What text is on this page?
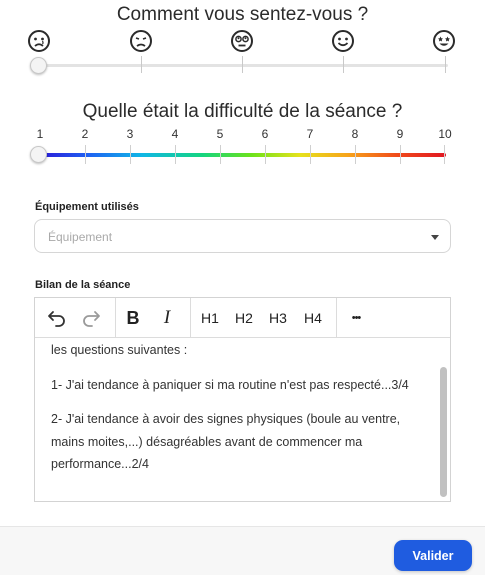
Comment vous sentez-vous ?
Quelle était la difficulté de la séance ?
1	2	3	4	5	6	7	8	9	10
Équipement utilisés
Équipement
Bilan de la séance
B	I	H1 H2 H3 H4	•••

les questions suivantes :

1- J'ai tendance à paniquer si ma routine n'est pas respecté...3/4

2- J'ai tendance à avoir des signes physiques (boule au ventre, mains moites,...) désagréables avant de commencer ma performance...2/4

Valider
